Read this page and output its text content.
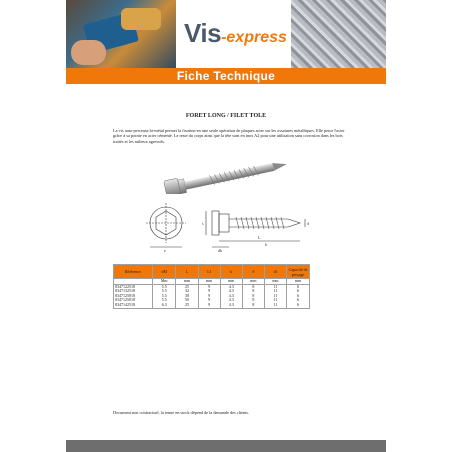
Vis-express
Fiche Technique
FORET LONG / FILET TOLE
La vis auto-perceuse bi-métal permet la fixation en une seule opération de plaques acier sur les ossatures métalliques. Elle perce l'acier grâce à sa pointe en acier cémenté. Le reste du corps ainsi que la tête sont en inox A2 pour une utilisation sans corrosion dans les bois traités et les milieux agressifs.
e
L
b
dk
s	d
Référence	dM	L	Lf	k	S	d1	Capacité de perçage
	Mm	mm	mm	mm	mm	mm	mm
8347122518	5.5	25	9	4.3	8	11	6
8347132518	5.5	32	9	4.3	8	11	6
8347125818	5.5	38	9	4.3	8	11	6
8347125018	5.5	50	9	4.3	8	11	6
8347142518	6.3	25	9	4.3	8	11	6
Document non contractuel, la tenue en stock dépend de la demande des clients.
